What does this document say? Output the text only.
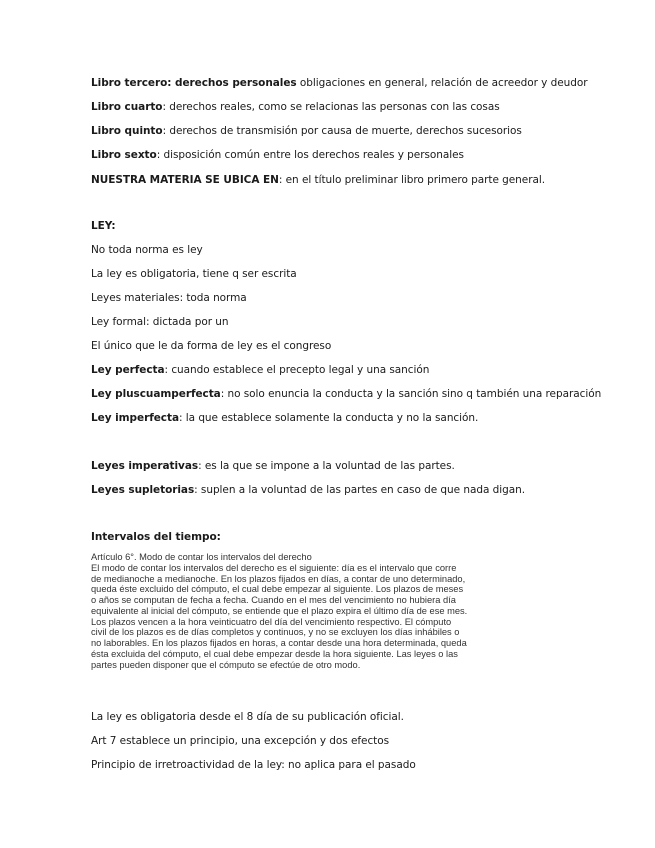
Libro tercero: derechos personales obligaciones en general, relación de acreedor y deudor
Libro cuarto: derechos reales, como se relacionas las personas con las cosas
Libro quinto: derechos de transmisión por causa de muerte, derechos sucesorios
Libro sexto: disposición común entre los derechos reales y personales
NUESTRA MATERIA SE UBICA EN: en el título preliminar libro primero parte general.
LEY:
No toda norma es ley
La ley es obligatoria, tiene q ser escrita
Leyes materiales: toda norma
Ley formal: dictada por un
El único que le da forma de ley es el congreso
Ley perfecta: cuando establece el precepto legal y una sanción
Ley pluscuamperfecta: no solo enuncia la conducta y la sanción sino q también una reparación
Ley imperfecta: la que establece solamente la conducta y no la sanción.
Leyes imperativas: es la que se impone a la voluntad de las partes.
Leyes supletorias: suplen a la voluntad de las partes en caso de que nada digan.
Intervalos del tiempo:
Artículo 6°. Modo de contar los intervalos del derecho
El modo de contar los intervalos del derecho es el siguiente: día es el intervalo que corre
de medianoche a medianoche. En los plazos fijados en días, a contar de uno determinado,
queda éste excluido del cómputo, el cual debe empezar al siguiente. Los plazos de meses
o años se computan de fecha a fecha. Cuando en el mes del vencimiento no hubiera día
equivalente al inicial del cómputo, se entiende que el plazo expira el último día de ese mes.
Los plazos vencen a la hora veinticuatro del día del vencimiento respectivo. El cómputo
civil de los plazos es de días completos y continuos, y no se excluyen los días inhábiles o
no laborables. En los plazos fijados en horas, a contar desde una hora determinada, queda
ésta excluida del cómputo, el cual debe empezar desde la hora siguiente. Las leyes o las
partes pueden disponer que el cómputo se efectúe de otro modo.
La ley es obligatoria desde el 8 día de su publicación oficial.
Art 7 establece un principio, una excepción y dos efectos
Principio de irretroactividad de la ley: no aplica para el pasado
